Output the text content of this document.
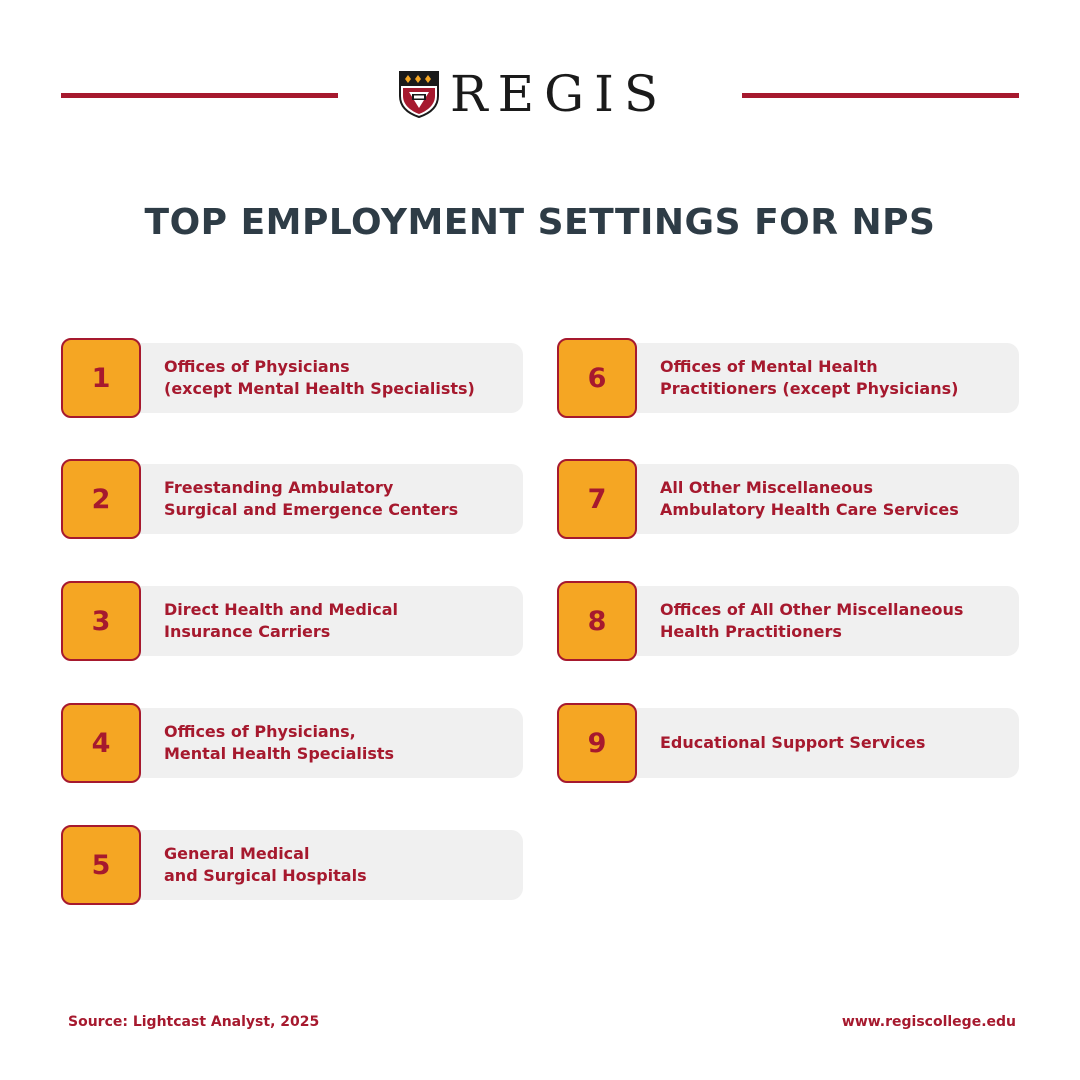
REGIS
TOP EMPLOYMENT SETTINGS FOR NPS
1	Offices of Physicians
(except Mental Health Specialists)
2	Freestanding Ambulatory
Surgical and Emergence Centers
3	Direct Health and Medical
Insurance Carriers
4	Offices of Physicians,
Mental Health Specialists
5	General Medical
and Surgical Hospitals
6	Offices of Mental Health
Practitioners (except Physicians)
7	All Other Miscellaneous
Ambulatory Health Care Services
8	Offices of All Other Miscellaneous
Health Practitioners
9	Educational Support Services
Source: Lightcast Analyst, 2025	www.regiscollege.edu
